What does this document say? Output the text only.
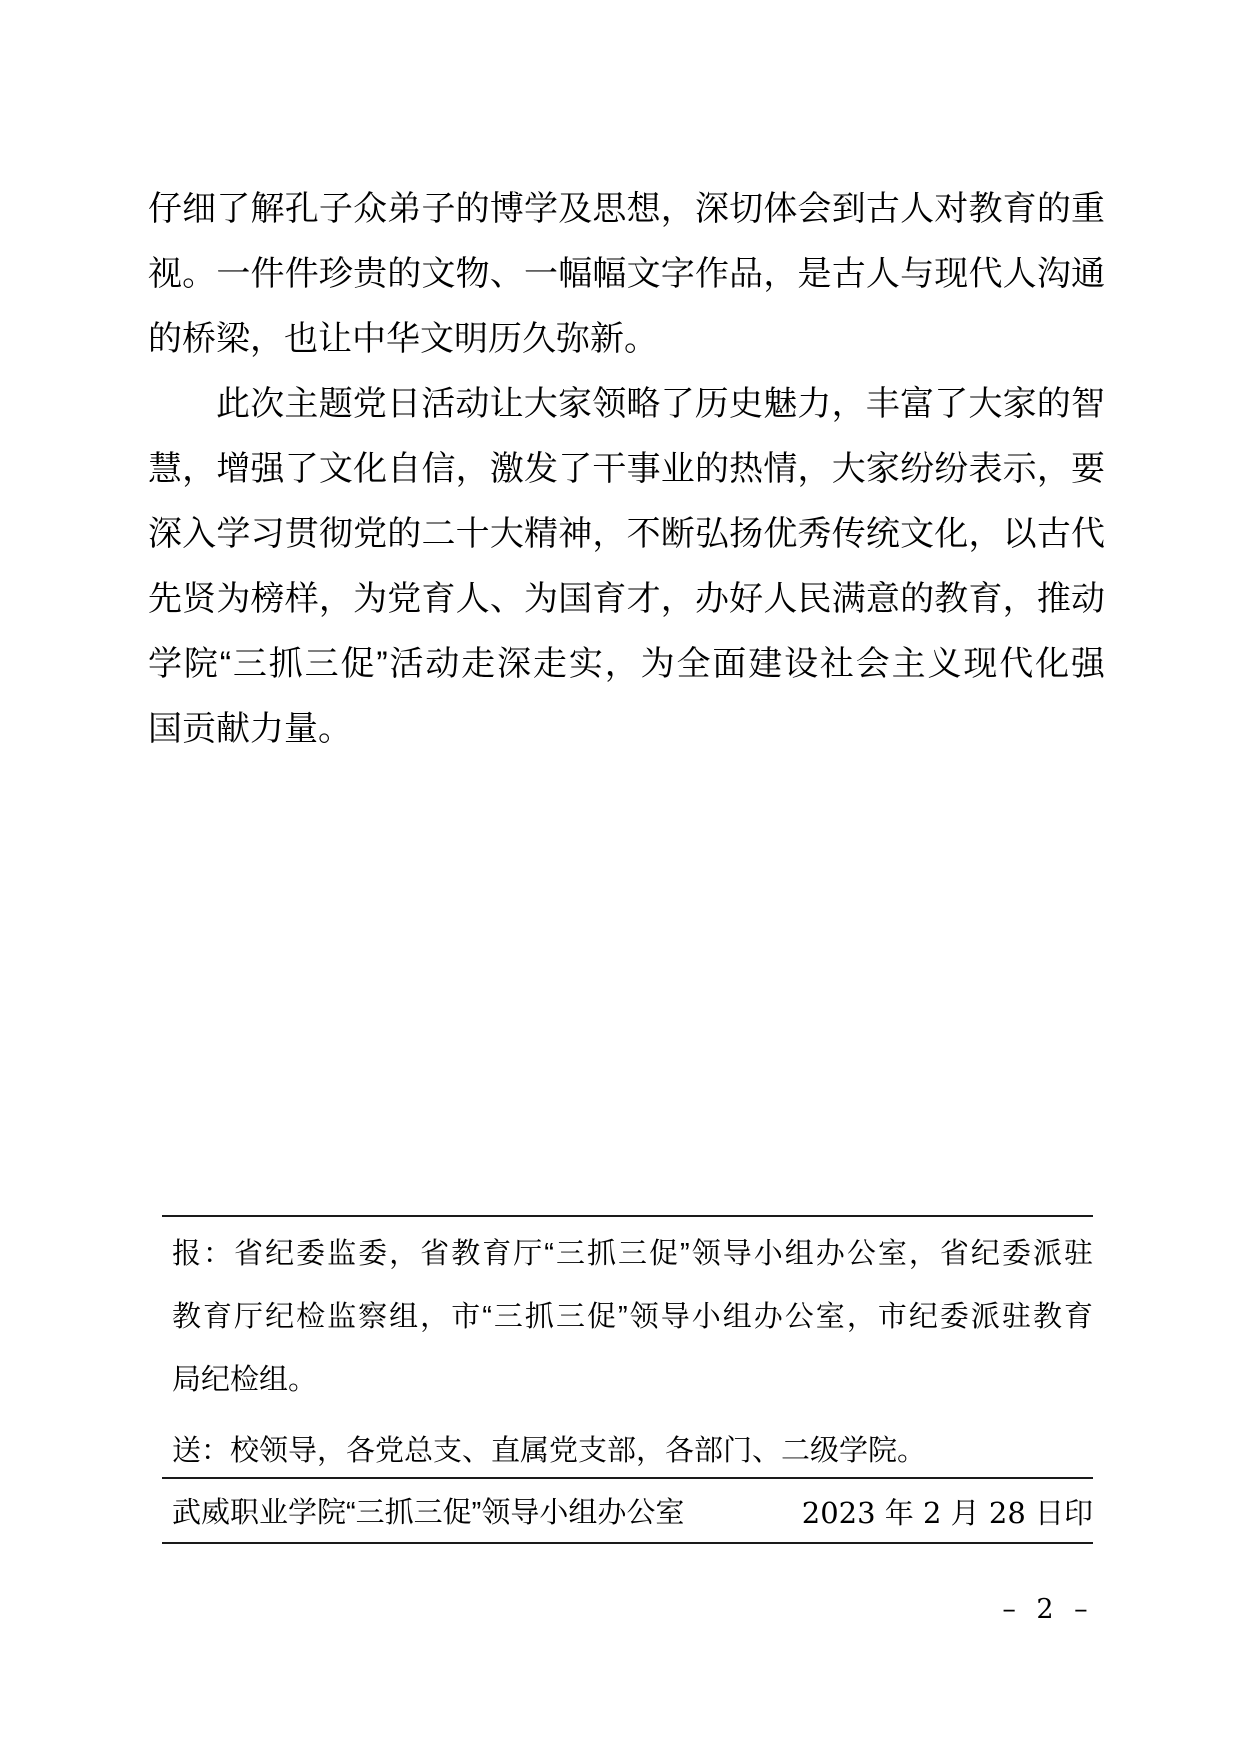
仔细了解孔子众弟子的博学及思想，深切体会到古人对教育的重
视。一件件珍贵的文物、一幅幅文字作品，是古人与现代人沟通
的桥梁，也让中华文明历久弥新。
此次主题党日活动让大家领略了历史魅力，丰富了大家的智
慧，增强了文化自信，激发了干事业的热情，大家纷纷表示，要
深入学习贯彻党的二十大精神，不断弘扬优秀传统文化，以古代
先贤为榜样，为党育人、为国育才，办好人民满意的教育，推动
学院“三抓三促”活动走深走实，为全面建设社会主义现代化强
国贡献力量。
报：省纪委监委，省教育厅“三抓三促”领导小组办公室，省纪委派驻
教育厅纪检监察组，市“三抓三促”领导小组办公室，市纪委派驻教育
局纪检组。
送：校领导，各党总支、直属党支部，各部门、二级学院。
武威职业学院“三抓三促”领导小组办公室	2023 年 2 月 28 日印
– 2 –
